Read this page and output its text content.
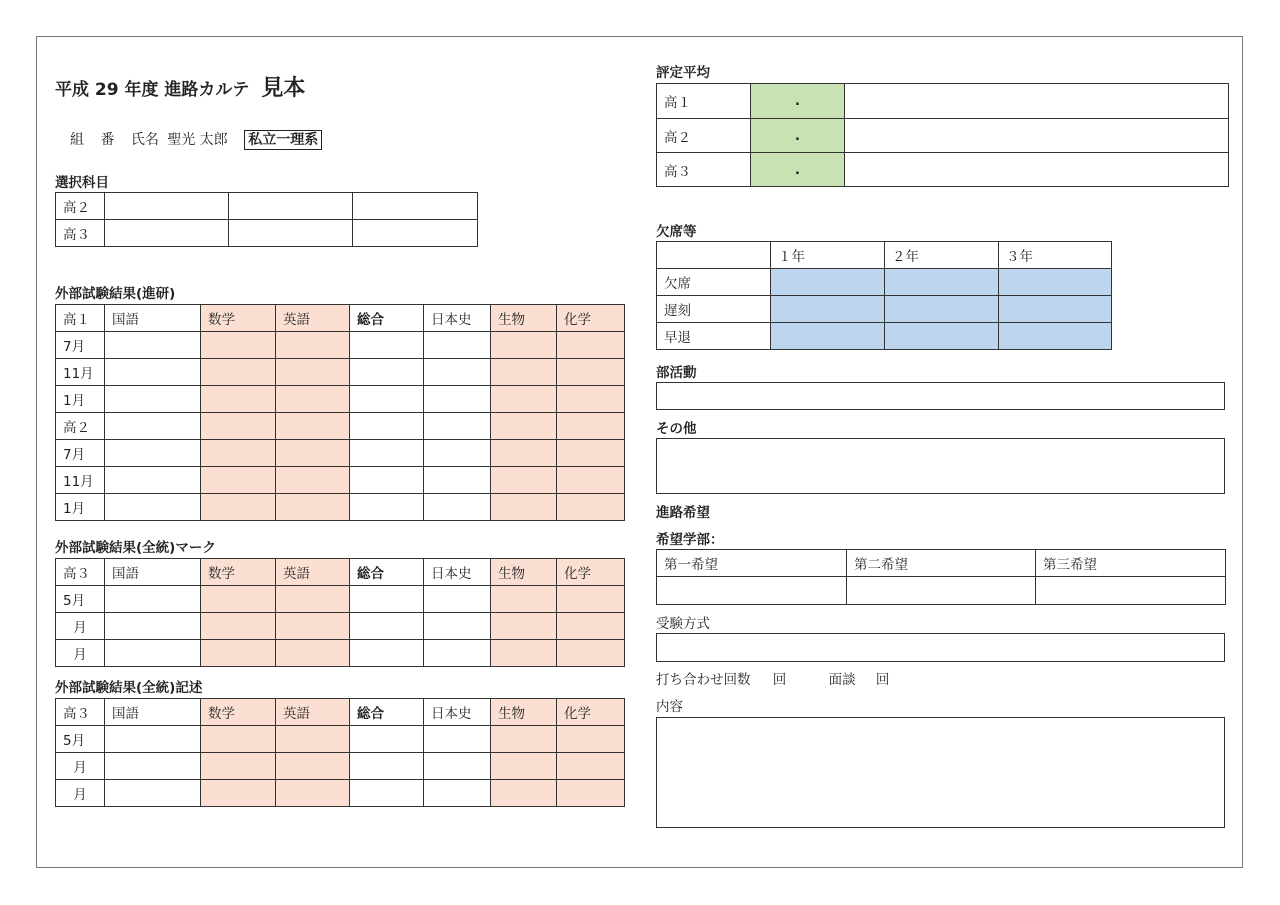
平成 29 年度 進路カルテ 見本
組 番 氏名 聖光 太郎 私立一理系
選択科目
高２			
高３			
外部試験結果(進研)
高１	国語	数学	英語	総合	日本史	生物	化学
7月							
11月							
1月							
高２							
7月							
11月							
1月							
外部試験結果(全統)マーク
高３	国語	数学	英語	総合	日本史	生物	化学
5月							
月							
月							
外部試験結果(全統)記述
高３	国語	数学	英語	総合	日本史	生物	化学
5月							
月							
月							
評定平均
高１	.	
高２	.	
高３	.	
欠席等
	１年	２年	３年
欠席			
遅刻			
早退			
部活動
その他
進路希望
希望学部：
第一希望	第二希望	第三希望

受験方式
打ち合わせ回数 回	面談 回
内容
